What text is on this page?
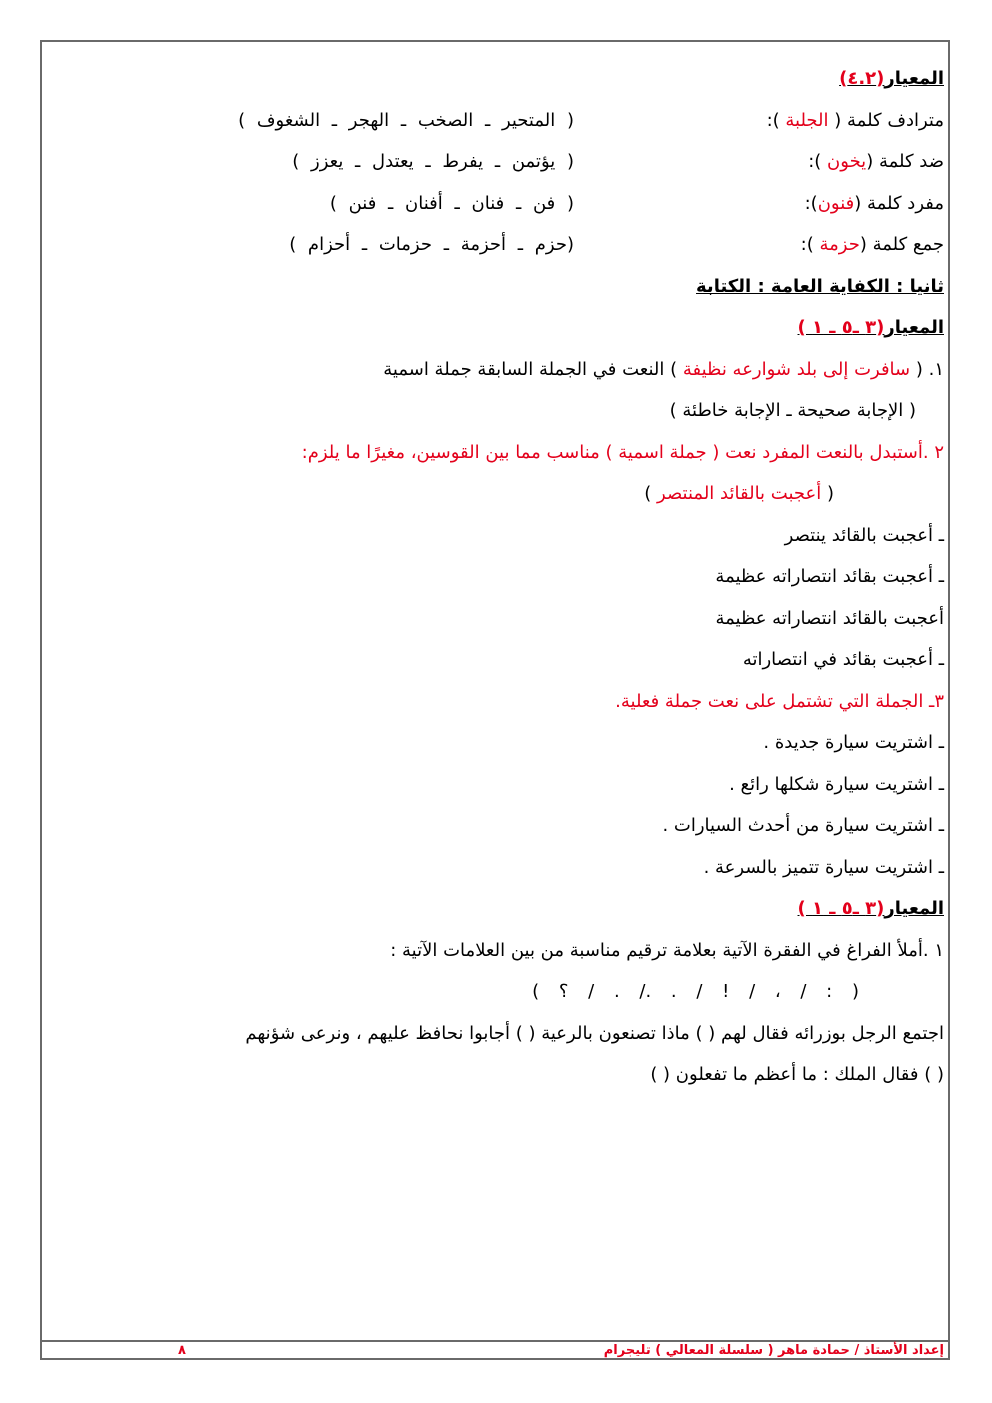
المعيار(٤.٢)
مترادف كلمة ( الجلبة ):
( المتحير ـ الصخب ـ الهجر ـ الشغوف )
ضد كلمة (يخون ):
( يؤتمن ـ يفرط ـ يعتدل ـ يعزز )
مفرد كلمة (فنون):
( فن ـ فنان ـ أفنان ـ فنن )
جمع كلمة (حزمة ):
(حزم ـ أحزمة ـ حزمات ـ أحزام )
ثانيا : الكفاية العامة : الكتابة
المعيار(٣ ـ٥ ـ ١ )
١. ( سافرت إلى بلد شوارعه نظيفة ) النعت في الجملة السابقة جملة اسمية
( الإجابة صحيحة ـ الإجابة خاطئة )
٢ .أستبدل بالنعت المفرد نعت ( جملة اسمية ) مناسب مما بين القوسين، مغيرًا ما يلزم:
( أعجبت بالقائد المنتصر )
ـ أعجبت بالقائد ينتصر
ـ أعجبت بقائد انتصاراته عظيمة
أعجبت بالقائد انتصاراته عظيمة
ـ أعجبت بقائد في انتصاراته
٣ـ الجملة التي تشتمل على نعت جملة فعلية.
ـ اشتريت سيارة جديدة .
ـ اشتريت سيارة شكلها رائع .
ـ اشتريت سيارة من أحدث السيارات .
ـ اشتريت سيارة تتميز بالسرعة .
المعيار(٣ ـ٥ ـ ١ )
١ .أملأ الفراغ في الفقرة الآتية بعلامة ترقيم مناسبة من بين العلامات الآتية :
( : / ، / ! / . ./ . / ؟ )
اجتمع الرجل بوزرائه فقال لهم ( ) ماذا تصنعون بالرعية ( ) أجابوا نحافظ عليهم ، ونرعى شؤنهم
( ) فقال الملك : ما أعظم ما تفعلون ( )
إعداد الأستاذ / حمادة ماهر ( سلسلة المعالي ) تليجرام
٨
